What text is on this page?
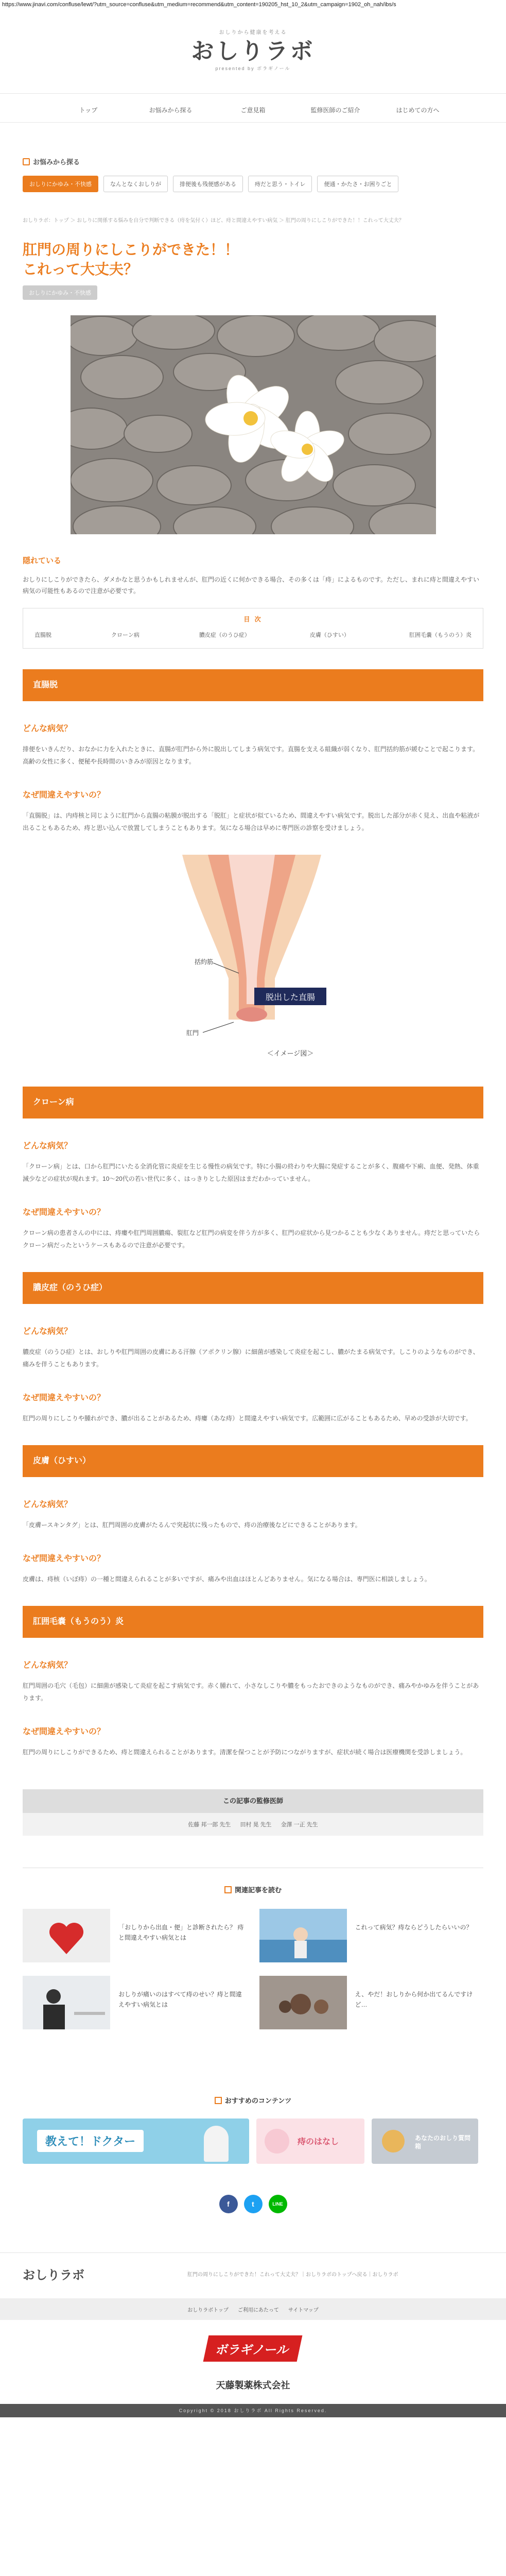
https://www.jinavi.com/confluse/lewt/?utm_source=confluse&utm_medium=recommend&utm_content=190205_hst_10_2&utm_campaign=1902_oh_nah/ibs/s
おしりから健康を考える
おしりラボ
presented by ボラギノール
トップ	お悩みから探る	ご意見箱	監修医師のご紹介	はじめての方へ
お悩みから探る
おしりにかゆみ・不快感	なんとなくおしりが	排便後も残便感がある	痔だと思う・トイレ	便通・かたさ・お困りごと
おしりラボ：トップ ＞ おしりに関係する悩みを自分で判断できる（痔を気付く）ほど、痔と間違えやすい病気 ＞ 肛門の周りにしこりができた！！これって大丈夫？
肛門の周りにしこりができた！！
これって大丈夫？
おしりにかゆみ・不快感
隠れている

おしりにしこりができたら、ダメかなと思うかもしれませんが、肛門の近くに何かできる場合、その多くは「痔」によるものです。ただし、まれに痔と間違えやすい病気の可能性もあるので注意が必要です。

目 次
直腸脱	クローン病	膿皮症（のうひ症）	皮膚（ひすい）	肛囲毛嚢（もうのう）炎
直腸脱
どんな病気？

排便をいきんだり、おなかに力を入れたときに、直腸が肛門から外に脱出してしまう病気です。直腸を支える組織が弱くなり、肛門括約筋が緩むことで起こります。高齢の女性に多く、便秘や長時間のいきみが原因となります。

なぜ間違えやすいの？

「直腸脱」は、内痔核と同じように肛門から直腸の粘膜が脱出する「脱肛」と症状が似ているため、間違えやすい病気です。脱出した部分が赤く見え、出血や粘液が出ることもあるため、痔と思い込んで放置してしまうこともあります。気になる場合は早めに専門医の診察を受けましょう。

脱出した直腸
括約筋
肛門
＜イメージ図＞
クローン病
どんな病気？

「クローン病」とは、口から肛門にいたる全消化管に炎症を生じる慢性の病気です。特に小腸の終わりや大腸に発症することが多く、腹痛や下痢、血便、発熱、体重減少などの症状が現れます。10〜20代の若い世代に多く、はっきりとした原因はまだわかっていません。

なぜ間違えやすいの？

クローン病の患者さんの中には、痔瘻や肛門周囲膿瘍、裂肛など肛門の病変を伴う方が多く、肛門の症状から見つかることも少なくありません。痔だと思っていたらクローン病だったというケースもあるので注意が必要です。

膿皮症（のうひ症）
どんな病気？

膿皮症（のうひ症）とは、おしりや肛門周囲の皮膚にある汗腺（アポクリン腺）に細菌が感染して炎症を起こし、膿がたまる病気です。しこりのようなものができ、痛みを伴うこともあります。

なぜ間違えやすいの？

肛門の周りにしこりや腫れができ、膿が出ることがあるため、痔瘻（あな痔）と間違えやすい病気です。広範囲に広がることもあるため、早めの受診が大切です。

皮膚（ひすい）
どんな病気？

「皮膚ースキンタグ」とは、肛門周囲の皮膚がたるんで突起状に残ったもので、痔の治療後などにできることがあります。

なぜ間違えやすいの？

皮膚は、痔核（いぼ痔）の一種と間違えられることが多いですが、痛みや出血はほとんどありません。気になる場合は、専門医に相談しましょう。

肛囲毛嚢（もうのう）炎
どんな病気？

肛門周囲の毛穴（毛包）に細菌が感染して炎症を起こす病気です。赤く腫れて、小さなしこりや膿をもったおできのようなものができ、痛みやかゆみを伴うことがあります。

なぜ間違えやすいの？

肛門の周りにしこりができるため、痔と間違えられることがあります。清潔を保つことが予防につながりますが、症状が続く場合は医療機関を受診しましょう。

この記事の監修医師
佐藤 邦一郎 先生 田村 晃 先生 金澤 一正 先生
関連記事を読む
「おしりから出血・便」と診断されたら？ 痔と間違えやすい病気とは
これって病気？痔ならどうしたらいいの？
おしりが痛いのはすべて痔のせい？痔と間違えやすい病気とは
え、やだ！おしりから何か出てるんですけど…
おすすめのコンテンツ
教えて！ドクター	痔のはなし	あなたのおしり質問箱
f	t	LINE
おしりラボ	肛門の周りにしこりができた！これって大丈夫？｜おしりラボのトップへ戻る｜おしりラボ
おしりラボトップ ご利用にあたって サイトマップ
ボラギノール
天藤製薬株式会社
Copyright © 2018 おしりラボ All Rights Reserved.
